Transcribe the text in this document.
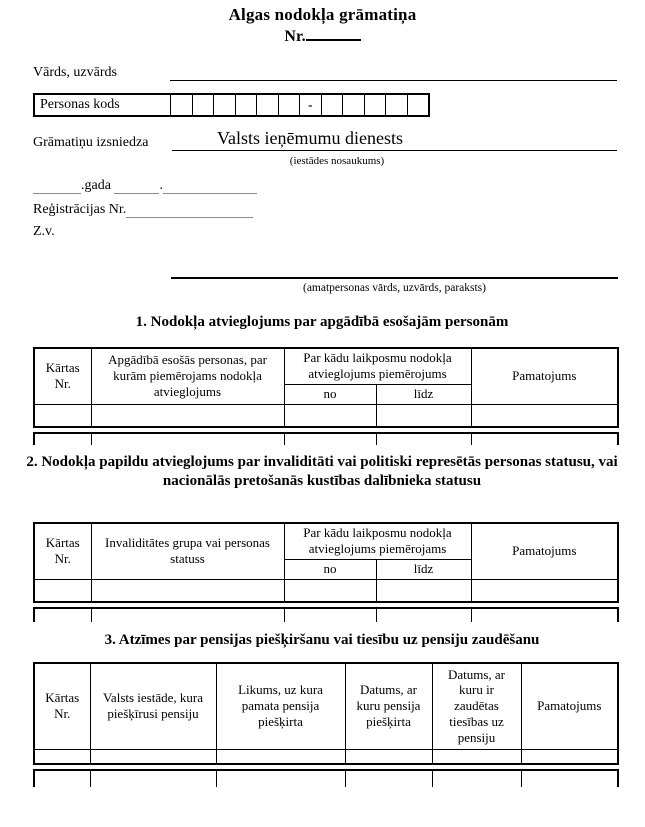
Algas nodokļa grāmatiņa
Nr.
Vārds, uzvārds
Personas kods	-
Grāmatiņu izsniedza	Valsts ieņēmumu dienests
(iestādes nosaukums)
.gada
	.
Reģistrācijas Nr.
Z.v.
(amatpersonas vārds, uzvārds, paraksts)
1. Nodokļa atvieglojums par apgādībā esošajām personām
Kārtas Nr.	Apgādībā esošās personas, par kurām piemērojams nodokļa atvieglojums	Par kādu laikposmu nodokļa atvieglojums piemērojums		Pamatojums
		no	līdz	

2. Nodokļa papildu atvieglojums par invaliditāti vai politiski represētās personas statusu, vai nacionālās pretošanās kustības dalībnieka statusu
Kārtas Nr.	Invaliditātes grupa vai personas statuss	Par kādu laikposmu nodokļa atvieglojums piemērojams		Pamatojums
		no	līdz	

3. Atzīmes par pensijas piešķiršanu vai tiesību uz pensiju zaudēšanu
Kārtas Nr.	Valsts iestāde, kura piešķīrusi pensiju	Likums, uz kura pamata pensija piešķirta	Datums, ar kuru pensija piešķirta	Datums, ar kuru ir zaudētas tiesības uz pensiju	Pamatojums
